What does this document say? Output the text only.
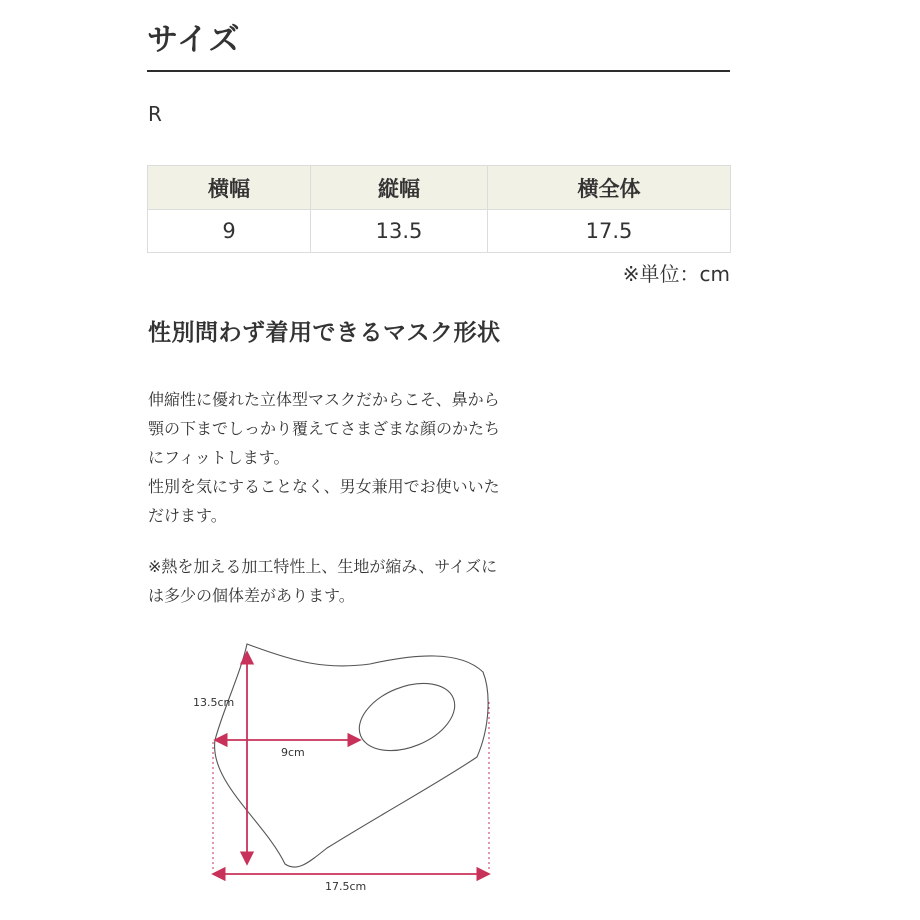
サイズ
R
横幅	縦幅	横全体
9	13.5	17.5
※単位：cm
性別問わず着用できるマスク形状
伸縮性に優れた立体型マスクだからこそ、鼻から
顎の下までしっかり覆えてさまざまな顔のかたち
にフィットします。
性別を気にすることなく、男女兼用でお使いいた
だけます。
※熱を加える加工特性上、生地が縮み、サイズに
は多少の個体差があります。
13.5cm
9cm
17.5cm
